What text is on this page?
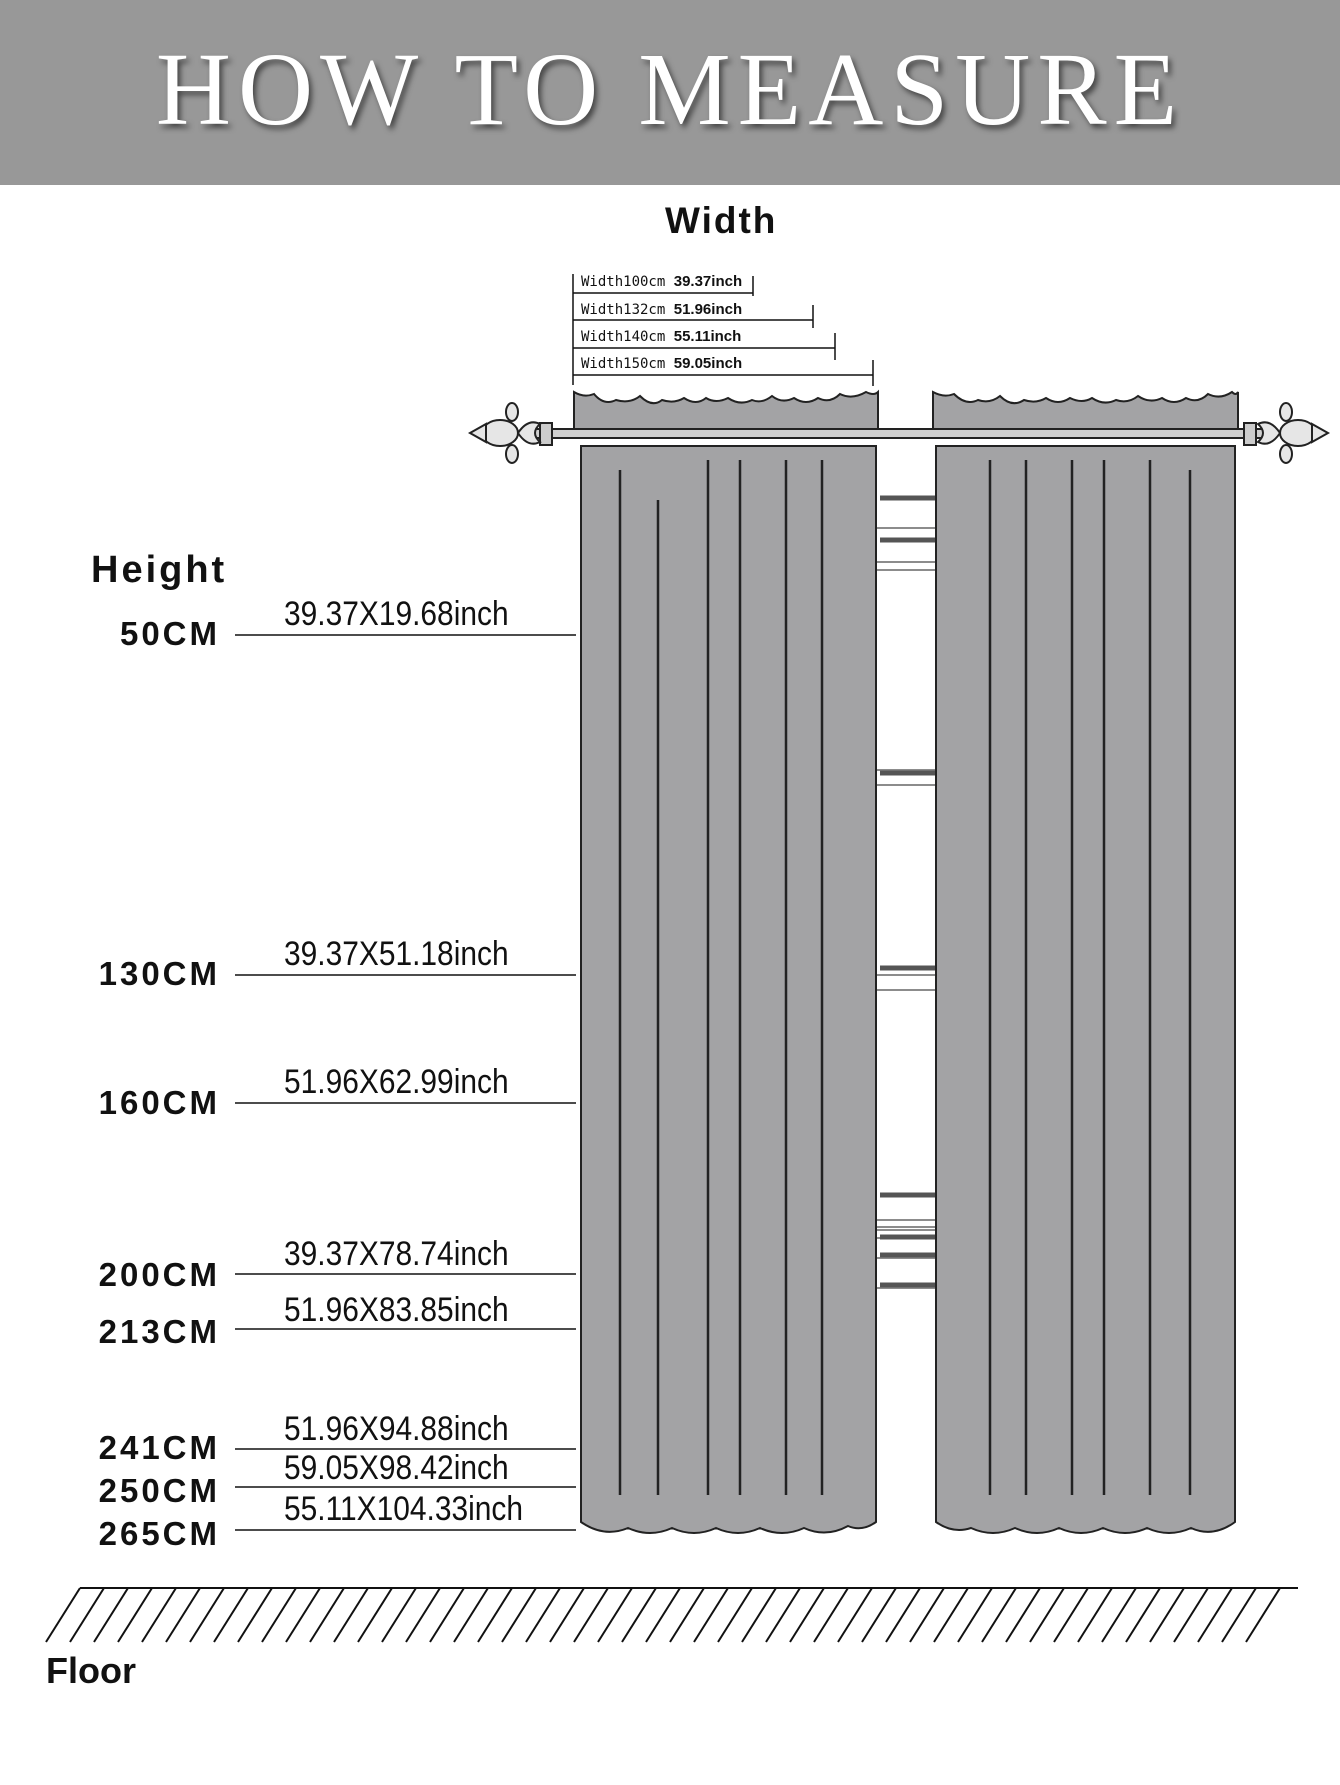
HOW TO MEASURE
Width
Height
Floor
Width100cm 39.37inch
Width132cm 51.96inch
Width140cm 55.11inch
Width150cm 59.05inch
50CM
130CM
160CM
200CM
213CM
241CM
250CM
265CM
39.37X19.68inch
39.37X51.18inch
51.96X62.99inch
39.37X78.74inch
51.96X83.85inch
51.96X94.88inch
59.05X98.42inch
55.11X104.33inch
